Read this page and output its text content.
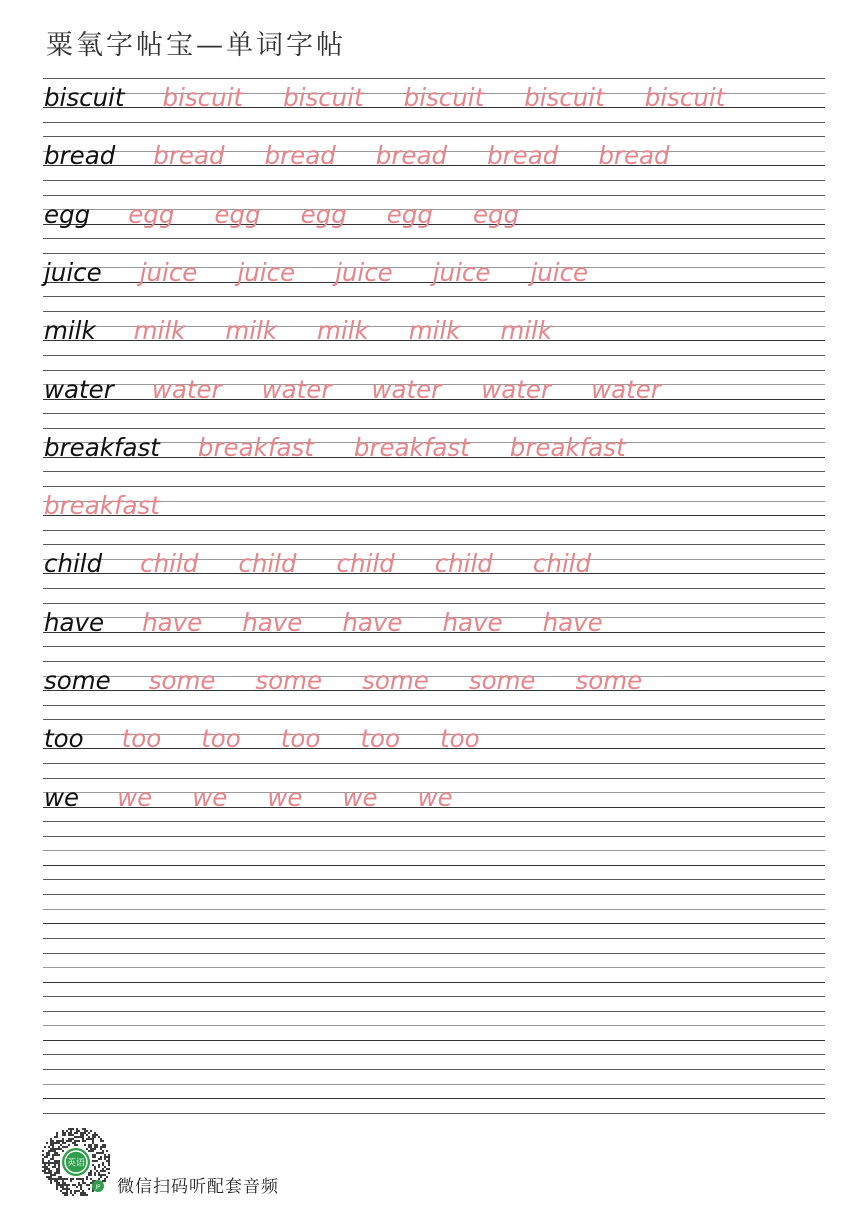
粟氧字帖宝—单词字帖
biscuit biscuit biscuit biscuit biscuit biscuit
bread bread bread bread bread bread
egg egg egg egg egg egg
juice juice juice juice juice juice
milk milk milk milk milk milk
water water water water water water
breakfast breakfast breakfast breakfast
breakfast
child child child child child child
have have have have have have
some some some some some some
too too too too too too
we we we we we we
英语
JP 微信扫码听配套音频
